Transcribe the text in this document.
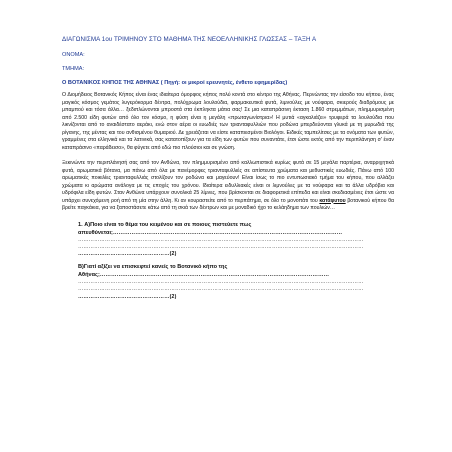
ΔΙΑΓΩΝΙΣΜΑ 1ου ΤΡΙΜΗΝΟΥ ΣΤΟ ΜΑΘΗΜΑ ΤΗΣ ΝΕΟΕΛΛΗΝΙΚΗΣ ΓΛΩΣΣΑΣ – ΤΑΞΗ Α
ΟΝΟΜΑ:
ΤΜΗΜΑ:
Ο ΒΟΤΑΝΙΚΟΣ ΚΗΠΟΣ ΤΗΣ ΑΘΗΝΑΣ ( Πηγή: οι μικροί ερευνητές, ένθετο εφημερίδας)

Ο Διομήδειος Βοτανικός Κήπος είναι ένας ιδιαίτερα όμορφος κήπος πολύ κοντά στο κέντρο της Αθήνας. Περνώντας την είσοδο του κήπου, ένας μαγικός κόσμος γεμάτος λυγερόκορμα δέντρα, πολύχρωμα λουλούδια, φαρμακευτικά φυτά, λιμνούλες με νούφαρα, σκιερούς διαδρόμους με μπαμπού και τόσα άλλα… ξεδιπλώνονται μπροστά στα έκπληκτα μάτια σας! Σε μια καταπράσινη έκταση 1.860 στρεμμάτων, πλημμυρισμένη από 2.500 είδη φυτών από όλο τον κόσμο, η φύση είναι η μεγάλη «πρωταγωνίστρια»! Η μυτιά «αγκαλιάζει» τρυφερά τα λουλούδια που λικνίζονται από το αναιδέστατο αεράκι, ενώ στον αέρα οι ευωδιές των τριανταφυλλιών που ροδώνα μπερδεύονται γλυκά με τη μυρωδιά της ρίγανης, της μέντας και του ανθισμένου θυμαριού. Δε χρειάζεται να είστε καταπιεσμένοι Βιολόγοι. Ειδικές ταμπελίτσες με τα ονόματα των φυτών, γραμμένες στα ελληνικά και τα λατινικά, σας κατατοπίζουν για τα είδη των φυτών που συναντάτε, έτσι ώστε εκτός από την περιπλάνηση σ' έναν καταπράσινο «παράδεισο», θα φύγετε από εδώ πιο πλούσιοι και σε γνώση.

Ξεκινώντε την περιπλάνησή σας από τον Ανθώνα, τον πλημμυρισμένο από καλλωπιστικά κυρίως φυτά σε 15 μεγάλα παρτέρια, αναρριχητικά φυτά, αρωματικά βότανα, μα πάνω από όλα με πανέμορφες τριανταφυλλιές σε απίστευτα χρώματα και μεθυστικές ευωδιές. Πάνω από 100 αρωματικές ποικιλίες τριανταφυλλιάς στολίζουν τον ροδώνα και μαγεύουν! Είναι ίσως το πιο εντυπωσιακό τμήμα του κήπου, που αλλάζει χρώματα κι αρώματα ανάλογα με τις εποχές του χρόνου. Ιδιαίτερα ειδυλλιακές είναι οι λιμνούλες με τα νούφαρα και τα άλλα υδρόβια και υδρόφιλα είδη φυτών. Σταν Ανθώνα υπάρχουν συνολικά 25 λίμνες, που βρίσκονται σε διαφορετικά επίπεδα και είναι σκεδιασμένες έτσι ώστε να υπάρχει συνεχόμενη ροή από τη μία στην άλλη. Κι αν κουραστείτε από το περπάτημα, σε όλο το μονοπάτι του κατάφυτου βοτανικού κήπου θα βρείτε παγκάκια, για να ξαποστάσετε κάτω από τη σκιά των δέντρων και με μοναδικό ήχο το κελάηδημα των πουλιών…

1. Α)Ποιο είναι το θέμα του κειμένου και σε ποιους πιστεύετε πως απευθύνεται;……………………………………………………………………………………………………………
……………………………………………………………………………………………………………………………………………
……………………………………………………………………………………………………………………………………………
……………………………………………(2)
Β)Γιατί αξίζει να επισκεφτεί κανείς το Βοτανικό κήπο της Αθήνας;……………………………………………………………………………………………………………
……………………………………………………………………………………………………………………………………………
……………………………………………………………………………………………………………………………………………
……………………………………………(2)
